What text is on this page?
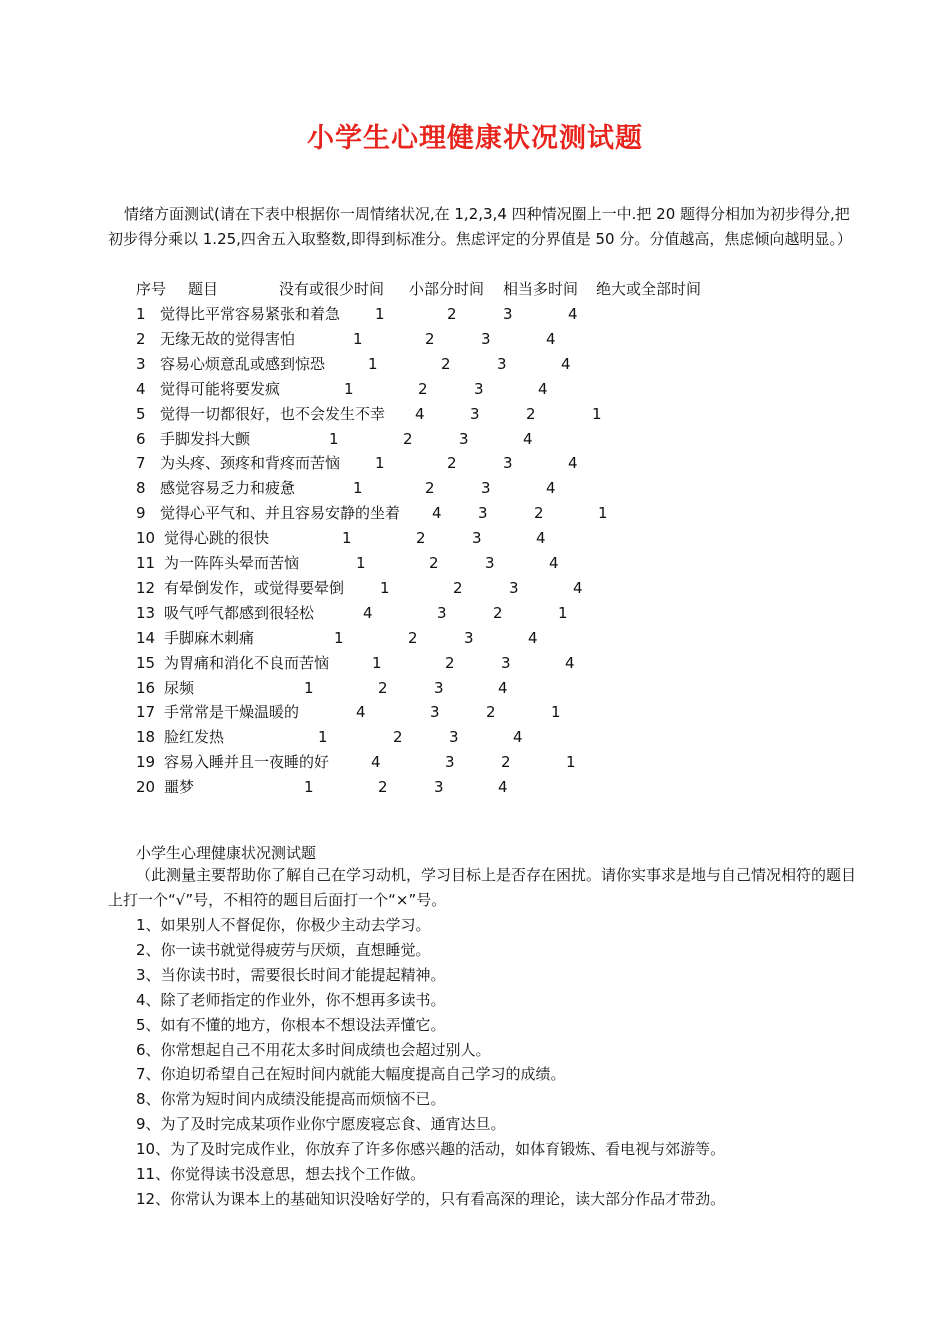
小学生心理健康状况测试题
情绪方面测试(请在下表中根据你一周情绪状况,在 1,2,3,4 四种情况圈上一中.把 20 题得分相加为初步得分,把初步得分乘以 1.25,四舍五入取整数,即得到标准分。焦虑评定的分界值是 50 分。分值越高，焦虑倾向越明显。）
序号 题目	没有或很少时间 小部分时间 相当多时间 绝大或全部时间
1 觉得比平常容易紧张和着急 1	2	3	4
2 无缘无故的觉得害怕	1	2	3	4
3 容易心烦意乱或感到惊恐	1	2	3	4
4 觉得可能将要发疯	1	2	3	4
5 觉得一切都很好，也不会发生不幸 4	3	2	1
6 手脚发抖大颤	1	2	3	4
7 为头疼、颈疼和背疼而苦恼 1	2	3	4
8 感觉容易乏力和疲惫	1	2	3	4
9 觉得心平气和、并且容易安静的坐着 4 3	2	1
10 觉得心跳的很快	1	2	3	4
11 为一阵阵头晕而苦恼	1	2	3	4
12 有晕倒发作，或觉得要晕倒 1	2	3	4
13 吸气呼气都感到很轻松	4	3	2	1
14 手脚麻木刺痛	1	2	3	4
15 为胃痛和消化不良而苦恼	1	2	3	4
16 尿频	1	2	3	4
17 手常常是干燥温暖的	4	3	2	1
18 脸红发热	1	2	3	4
19 容易入睡并且一夜睡的好	4	3	2	1
20 噩梦	1	2	3	4
小学生心理健康状况测试题
（此测量主要帮助你了解自己在学习动机，学习目标上是否存在困扰。请你实事求是地与自己情况相符的题目上打一个“√”号，不相符的题目后面打一个“×”号。
1、如果别人不督促你，你极少主动去学习。
2、你一读书就觉得疲劳与厌烦，直想睡觉。
3、当你读书时，需要很长时间才能提起精神。
4、除了老师指定的作业外，你不想再多读书。
5、如有不懂的地方，你根本不想设法弄懂它。
6、你常想起自己不用花太多时间成绩也会超过别人。
7、你迫切希望自己在短时间内就能大幅度提高自己学习的成绩。
8、你常为短时间内成绩没能提高而烦恼不已。
9、为了及时完成某项作业你宁愿废寝忘食、通宵达旦。
10、为了及时完成作业，你放弃了许多你感兴趣的活动，如体育锻炼、看电视与郊游等。
11、你觉得读书没意思，想去找个工作做。
12、你常认为课本上的基础知识没啥好学的，只有看高深的理论，读大部分作品才带劲。
